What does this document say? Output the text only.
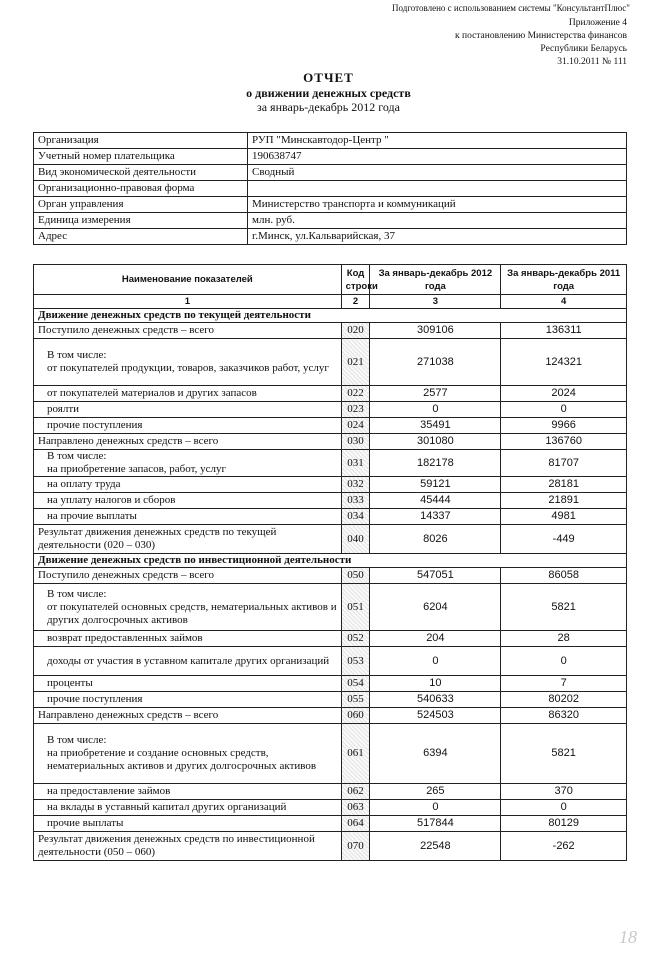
Подготовлено с использованием системы "КонсультантПлюс"
Приложение 4
к постановлению Министерства финансов
Республики Беларусь
31.10.2011 № 111
ОТЧЕТ
о движении денежных средств
за январь-декабрь 2012 года
Организация	РУП "Минскавтодор-Центр "
Учетный номер плательщика	190638747
Вид экономической деятельности	Сводный
Организационно-правовая форма	
Орган управления	Министерство транспорта и коммуникаций
Единица измерения	млн. руб.
Адрес	г.Минск, ул.Кальварийская, 37
Наименование показателей	Код строки	За январь-декабрь 2012 года	За январь-декабрь 2011 года
1	2	3	4
Движение денежных средств по текущей деятельности			
Поступило денежных средств – всего	020	309106	136311
В том числе:
от покупателей продукции, товаров, заказчиков работ, услуг	021	271038	124321
от покупателей материалов и других запасов	022	2577	2024
роялти	023	0	0
прочие поступления	024	35491	9966
Направлено денежных средств – всего	030	301080	136760
В том числе:
на приобретение запасов, работ, услуг	031	182178	81707
на оплату труда	032	59121	28181
на уплату налогов и сборов	033	45444	21891
на прочие выплаты	034	14337	4981
Результат движения денежных средств по текущей деятельности (020 – 030)	040	8026	-449
Движение денежных средств по инвестиционной деятельности			
Поступило денежных средств – всего	050	547051	86058
В том числе:
от покупателей основных средств, нематериальных активов и других долгосрочных активов	051	6204	5821
возврат предоставленных займов	052	204	28
доходы от участия в уставном капитале других организаций	053	0	0
проценты	054	10	7
прочие поступления	055	540633	80202
Направлено денежных средств – всего	060	524503	86320
В том числе:
на приобретение и создание основных средств, нематериальных активов и других долгосрочных активов	061	6394	5821
на предоставление займов	062	265	370
на вклады в уставный капитал других организаций	063	0	0
прочие выплаты	064	517844	80129
Результат движения денежных средств по инвестиционной деятельности (050 – 060)	070	22548	-262
18
